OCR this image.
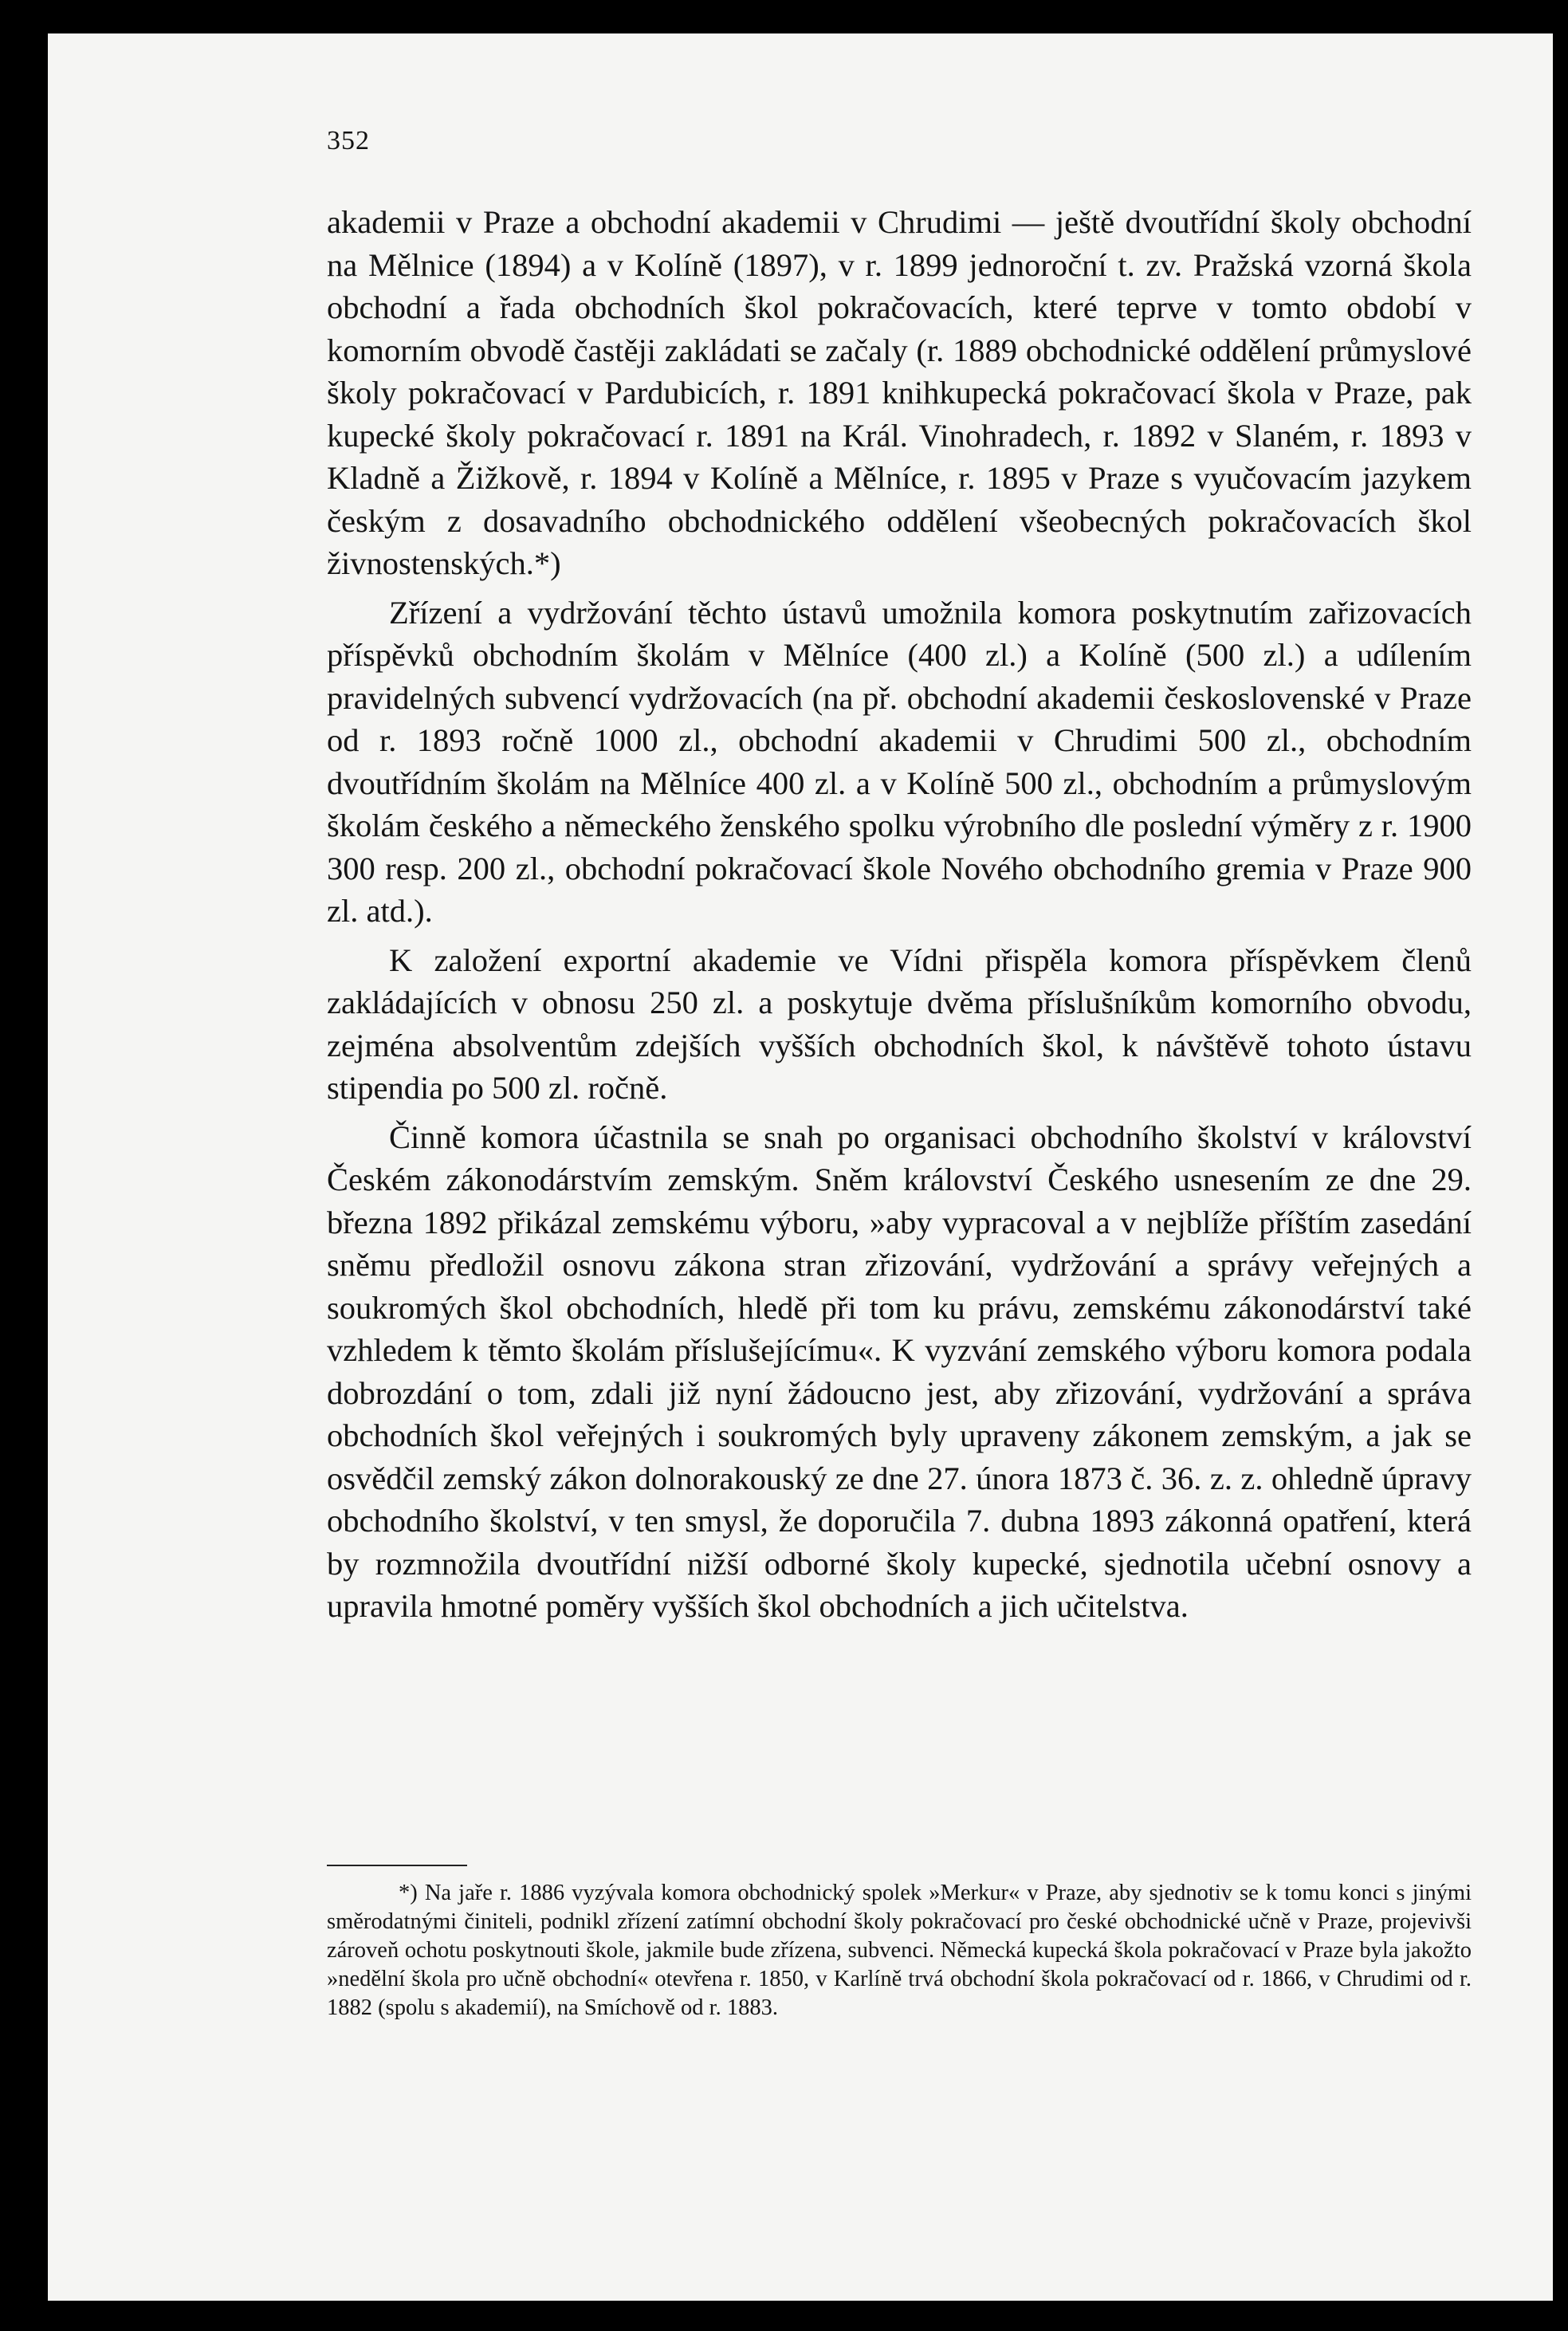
352

akademii v Praze a obchodní akademii v Chrudimi — ještě dvoutřídní školy obchodní na Mělnice (1894) a v Kolíně (1897), v r. 1899 jednoroční t. zv. Pražská vzorná škola obchodní a řada obchodních škol pokračovacích, které teprve v tomto období v komorním obvodě častěji zakládati se začaly (r. 1889 obchodnické oddělení průmyslové školy pokračovací v Pardubicích, r. 1891 knihkupecká pokračovací škola v Praze, pak kupecké školy pokračovací r. 1891 na Král. Vinohradech, r. 1892 v Slaném, r. 1893 v Kladně a Žižkově, r. 1894 v Kolíně a Mělníce, r. 1895 v Praze s vyučovacím jazykem českým z dosavadního obchodnického oddělení všeobecných pokračovacích škol živnostenských.*)

Zřízení a vydržování těchto ústavů umožnila komora poskytnutím zařizovacích příspěvků obchodním školám v Mělníce (400 zl.) a Kolíně (500 zl.) a udílením pravidelných subvencí vydržovacích (na př. obchodní akademii československé v Praze od r. 1893 ročně 1000 zl., obchodní akademii v Chrudimi 500 zl., obchodním dvoutřídním školám na Mělníce 400 zl. a v Kolíně 500 zl., obchodním a průmyslovým školám českého a německého ženského spolku výrobního dle poslední výměry z r. 1900 300 resp. 200 zl., obchodní pokračovací škole Nového obchodního gremia v Praze 900 zl. atd.).

K založení exportní akademie ve Vídni přispěla komora příspěvkem členů zakládajících v obnosu 250 zl. a poskytuje dvěma příslušníkům komorního obvodu, zejména absolventům zdejších vyšších obchodních škol, k návštěvě tohoto ústavu stipendia po 500 zl. ročně.

Činně komora účastnila se snah po organisaci obchodního školství v království Českém zákonodárstvím zemským. Sněm království Českého usnesením ze dne 29. března 1892 přikázal zemskému výboru, »aby vypracoval a v nejblíže příštím zasedání sněmu předložil osnovu zákona stran zřizování, vydržování a správy veřejných a soukromých škol obchodních, hledě při tom ku právu, zemskému zákonodárství také vzhledem k těmto školám příslušejícímu«. K vyzvání zemského výboru komora podala dobrozdání o tom, zdali již nyní žádoucno jest, aby zřizování, vydržování a správa obchodních škol veřejných i soukromých byly upraveny zákonem zemským, a jak se osvědčil zemský zákon dolnorakouský ze dne 27. února 1873 č. 36. z. z. ohledně úpravy obchodního školství, v ten smysl, že doporučila 7. dubna 1893 zákonná opatření, která by rozmnožila dvoutřídní nižší odborné školy kupecké, sjednotila učební osnovy a upravila hmotné poměry vyšších škol obchodních a jich učitelstva.

*) Na jaře r. 1886 vyzývala komora obchodnický spolek »Merkur« v Praze, aby sjednotiv se k tomu konci s jinými směrodatnými činiteli, podnikl zřízení zatímní obchodní školy pokračovací pro české obchodnické učně v Praze, projevivši zároveň ochotu poskytnouti škole, jakmile bude zřízena, subvenci. Německá kupecká škola pokračovací v Praze byla jakožto »nedělní škola pro učně obchodní« otevřena r. 1850, v Karlíně trvá obchodní škola pokračovací od r. 1866, v Chrudimi od r. 1882 (spolu s akademií), na Smíchově od r. 1883.
